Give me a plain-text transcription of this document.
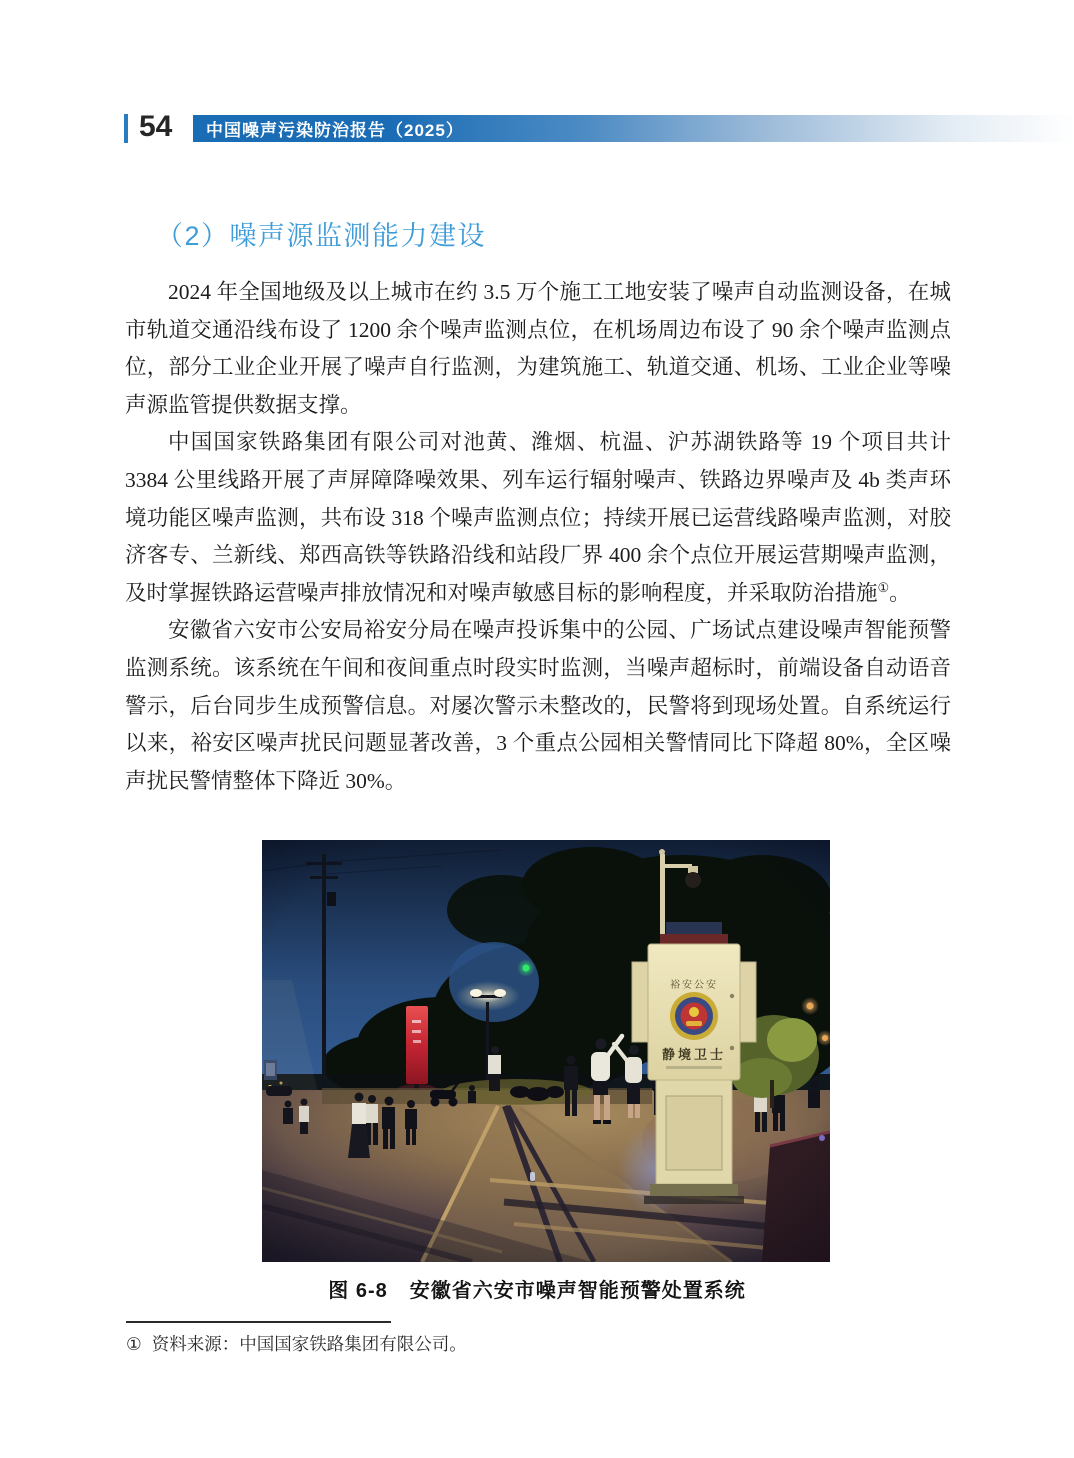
54	中国噪声污染防治报告（2025）
（2）噪声源监测能力建设

2024 年全国地级及以上城市在约 3.5 万个施工工地安装了噪声自动监测设备，在城市轨道交通沿线布设了 1200 余个噪声监测点位，在机场周边布设了 90 余个噪声监测点位，部分工业企业开展了噪声自行监测，为建筑施工、轨道交通、机场、工业企业等噪声源监管提供数据支撑。

中国国家铁路集团有限公司对池黄、潍烟、杭温、沪苏湖铁路等 19 个项目共计 3384 公里线路开展了声屏障降噪效果、列车运行辐射噪声、铁路边界噪声及 4b 类声环境功能区噪声监测，共布设 318 个噪声监测点位；持续开展已运营线路噪声监测，对胶济客专、兰新线、郑西高铁等铁路沿线和站段厂界 400 余个点位开展运营期噪声监测，及时掌握铁路运营噪声排放情况和对噪声敏感目标的影响程度，并采取防治措施①。

安徽省六安市公安局裕安分局在噪声投诉集中的公园、广场试点建设噪声智能预警监测系统。该系统在午间和夜间重点时段实时监测，当噪声超标时，前端设备自动语音警示，后台同步生成预警信息。对屡次警示未整改的，民警将到现场处置。自系统运行以来，裕安区噪声扰民问题显著改善，3 个重点公园相关警情同比下降超 80%，全区噪声扰民警情整体下降近 30%。

图 6-8 安徽省六安市噪声智能预警处置系统
① 资料来源：中国国家铁路集团有限公司。
